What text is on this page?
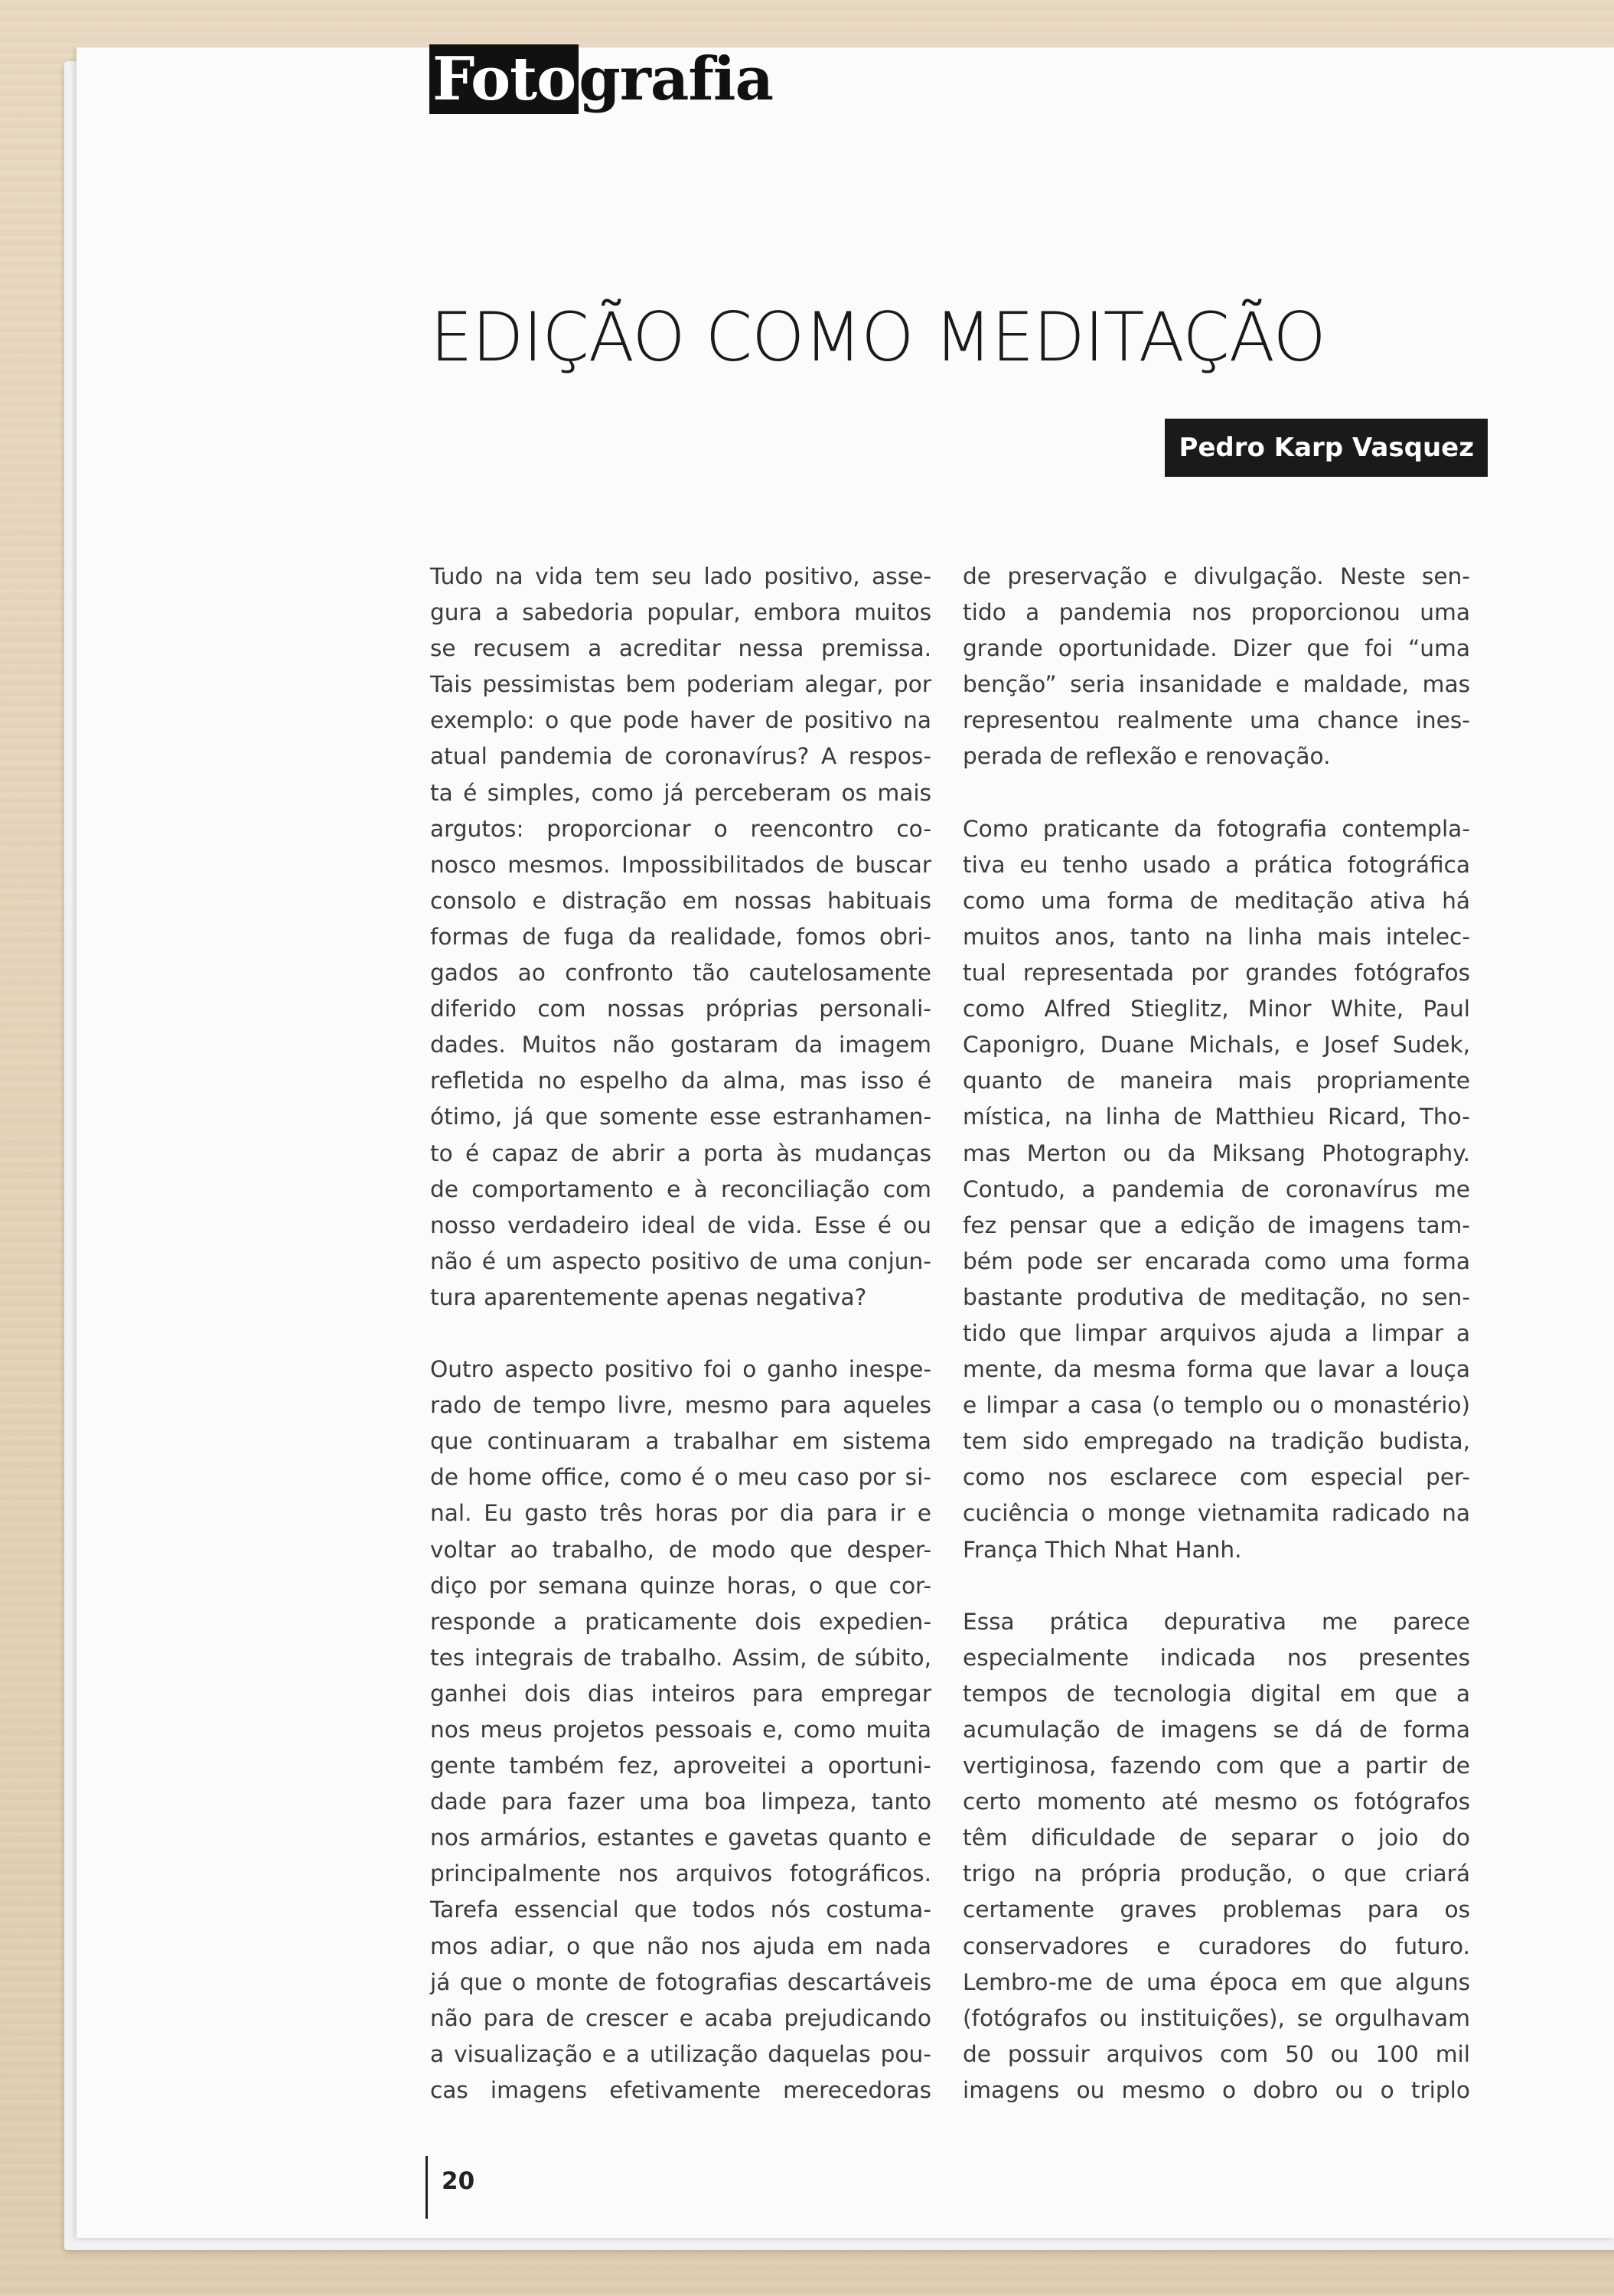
Fotografia
EDIÇÃO COMO MEDITAÇÃO
Pedro Karp Vasquez

Tudo na vida tem seu lado positivo, asse-
gura a sabedoria popular, embora muitos
se recusem a acreditar nessa premissa.
Tais pessimistas bem poderiam alegar, por
exemplo: o que pode haver de positivo na
atual pandemia de coronavírus? A respos-
ta é simples, como já perceberam os mais
argutos: proporcionar o reencontro co-
nosco mesmos. Impossibilitados de buscar
consolo e distração em nossas habituais
formas de fuga da realidade, fomos obri-
gados ao confronto tão cautelosamente
diferido com nossas próprias personali-
dades. Muitos não gostaram da imagem
refletida no espelho da alma, mas isso é
ótimo, já que somente esse estranhamen-
to é capaz de abrir a porta às mudanças
de comportamento e à reconciliação com
nosso verdadeiro ideal de vida. Esse é ou
não é um aspecto positivo de uma conjun-
tura aparentemente apenas negativa?

Outro aspecto positivo foi o ganho inespe-
rado de tempo livre, mesmo para aqueles
que continuaram a trabalhar em sistema
de home office, como é o meu caso por si-
nal. Eu gasto três horas por dia para ir e
voltar ao trabalho, de modo que desper-
diço por semana quinze horas, o que cor-
responde a praticamente dois expedien-
tes integrais de trabalho. Assim, de súbito,
ganhei dois dias inteiros para empregar
nos meus projetos pessoais e, como muita
gente também fez, aproveitei a oportuni-
dade para fazer uma boa limpeza, tanto
nos armários, estantes e gavetas quanto e
principalmente nos arquivos fotográficos.
Tarefa essencial que todos nós costuma-
mos adiar, o que não nos ajuda em nada
já que o monte de fotografias descartáveis
não para de crescer e acaba prejudicando
a visualização e a utilização daquelas pou-
cas imagens efetivamente merecedoras

de preservação e divulgação. Neste sen-
tido a pandemia nos proporcionou uma
grande oportunidade. Dizer que foi “uma
benção” seria insanidade e maldade, mas
representou realmente uma chance ines-
perada de reflexão e renovação.

Como praticante da fotografia contempla-
tiva eu tenho usado a prática fotográfica
como uma forma de meditação ativa há
muitos anos, tanto na linha mais intelec-
tual representada por grandes fotógrafos
como Alfred Stieglitz, Minor White, Paul
Caponigro, Duane Michals, e Josef Sudek,
quanto de maneira mais propriamente
mística, na linha de Matthieu Ricard, Tho-
mas Merton ou da Miksang Photography.
Contudo, a pandemia de coronavírus me
fez pensar que a edição de imagens tam-
bém pode ser encarada como uma forma
bastante produtiva de meditação, no sen-
tido que limpar arquivos ajuda a limpar a
mente, da mesma forma que lavar a louça
e limpar a casa (o templo ou o monastério)
tem sido empregado na tradição budista,
como nos esclarece com especial per-
cuciência o monge vietnamita radicado na
França Thich Nhat Hanh.

Essa prática depurativa me parece
especialmente indicada nos presentes
tempos de tecnologia digital em que a
acumulação de imagens se dá de forma
vertiginosa, fazendo com que a partir de
certo momento até mesmo os fotógrafos
têm dificuldade de separar o joio do
trigo na própria produção, o que criará
certamente graves problemas para os
conservadores e curadores do futuro.
Lembro-me de uma época em que alguns
(fotógrafos ou instituições), se orgulhavam
de possuir arquivos com 50 ou 100 mil
imagens ou mesmo o dobro ou o triplo

20
